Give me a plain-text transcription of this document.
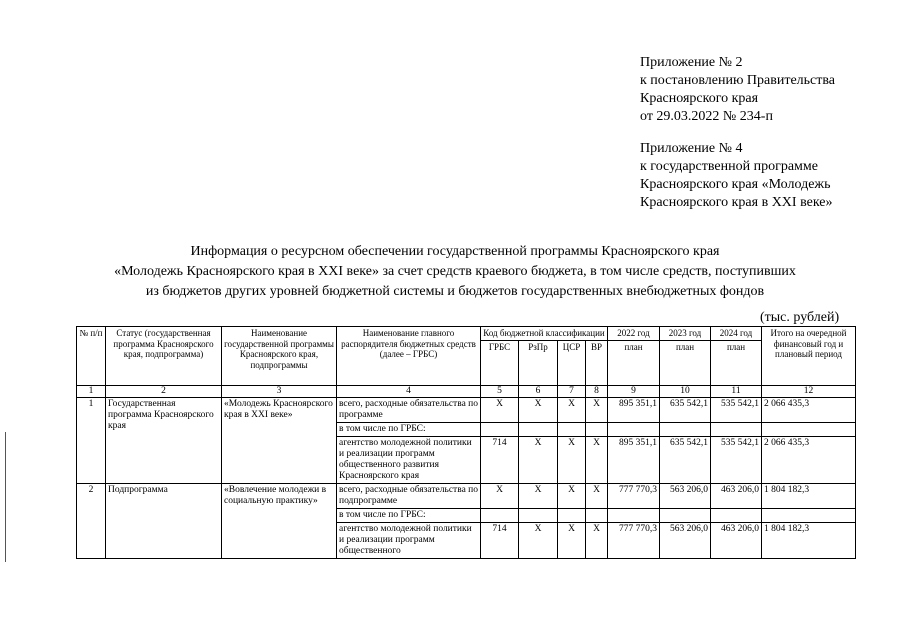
Приложение № 2
к постановлению Правительства
Красноярского края
от 29.03.2022 № 234-п
Приложение № 4
к государственной программе
Красноярского края «Молодежь
Красноярского края в XXI веке»
Информация о ресурсном обеспечении государственной программы Красноярского края
«Молодежь Красноярского края в XXI веке» за счет средств краевого бюджета, в том числе средств, поступивших
из бюджетов других уровней бюджетной системы и бюджетов государственных внебюджетных фондов
(тыс. рублей)
№ п/п	Статус (государственная программа Красноярского края, подпрограмма)	Наименование государственной программы Красноярского края, подпрограммы	Наименование главного распорядителя бюджетных средств (далее – ГРБС)	Код бюджетной классификации				2022 год	2023 год	2024 год	Итого на очередной финансовый год и плановый период
				ГРБС	РзПр	ЦСР	ВР	план	план	план	
1	2	3	4	5	6	7	8	9	10	11	12
1	Государственная программа Красноярского края	«Молодежь Красноярского края в XXI веке»	всего, расходные обязательства по программе	X	X	X	X	895 351,1	635 542,1	535 542,1	2 066 435,3
			в том числе по ГРБС:								
			агентство молодежной политики и реализации программ общественного развития Красноярского края	714	X	X	X	895 351,1	635 542,1	535 542,1	2 066 435,3
2	Подпрограмма	«Вовлечение молодежи в социальную практику»	всего, расходные обязательства по подпрограмме	X	X	X	X	777 770,3	563 206,0	463 206,0	1 804 182,3
			в том числе по ГРБС:								
			агентство молодежной политики и реализации программ общественного	714	X	X	X	777 770,3	563 206,0	463 206,0	1 804 182,3
